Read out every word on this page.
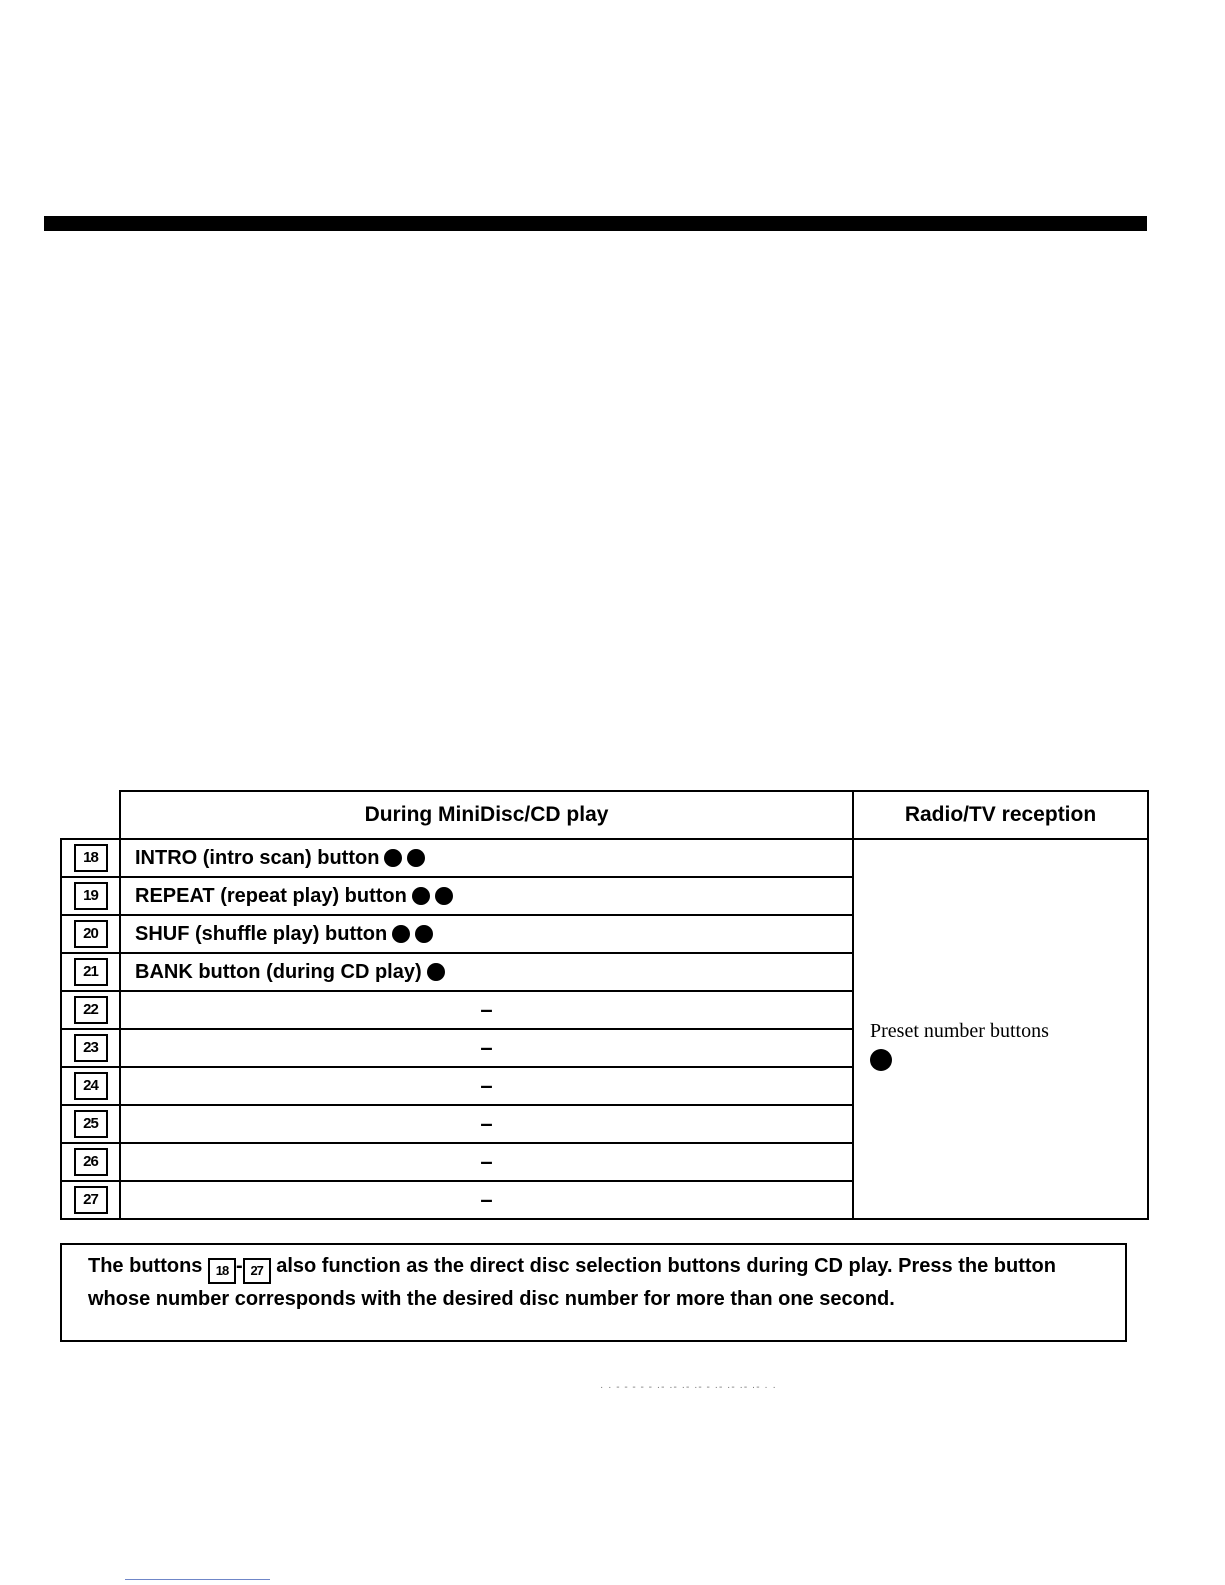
	During MiniDisc/CD play	Radio/TV reception
18	INTRO (intro scan) button	Preset number buttons

19	REPEAT (repeat play) button	
20	SHUF (shuffle play) button	
21	BANK button (during CD play)	
22	–	
23	–	
24	–	
25	–	
26	–	
27	–	
The buttons 18 - 27 also function as the direct disc selection buttons during CD play. Press the button whose number corresponds with the desired disc number for more than one second.
· · - - - - - ·- ·- ·- ·- - ·- ·- ·- ·- · ·
